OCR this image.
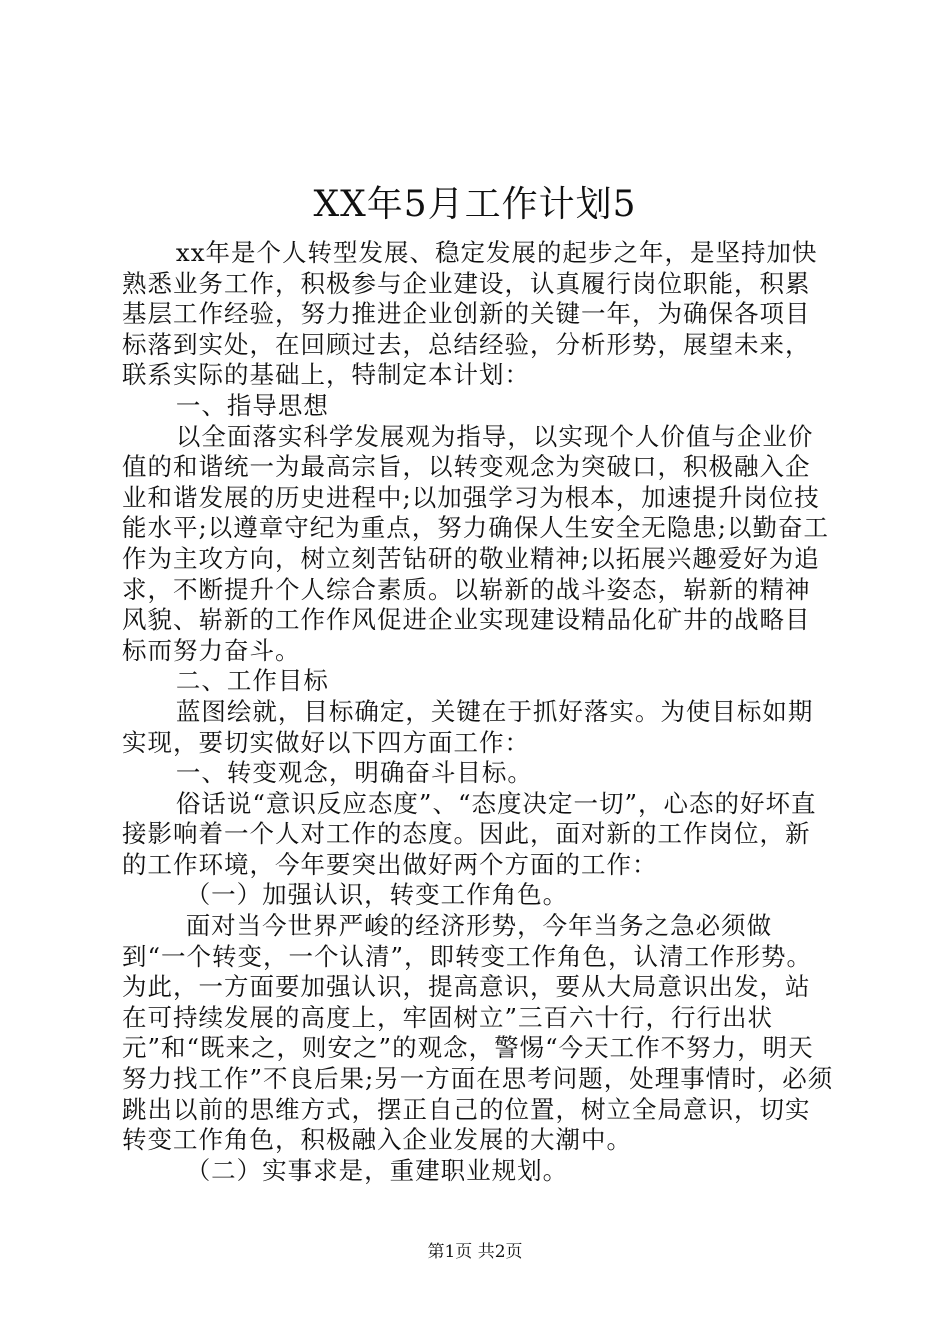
XX年5月工作计划5

xx年是个人转型发展、稳定发展的起步之年，是坚持加快熟悉业务工作，积极参与企业建设，认真履行岗位职能，积累基层工作经验，努力推进企业创新的关键一年，为确保各项目标落到实处，在回顾过去，总结经验，分析形势，展望未来，联系实际的基础上，特制定本计划：

一、指导思想

以全面落实科学发展观为指导，以实现个人价值与企业价值的和谐统一为最高宗旨，以转变观念为突破口，积极融入企业和谐发展的历史进程中;以加强学习为根本，加速提升岗位技能水平;以遵章守纪为重点，努力确保人生安全无隐患;以勤奋工作为主攻方向，树立刻苦钻研的敬业精神;以拓展兴趣爱好为追求，不断提升个人综合素质。以崭新的战斗姿态，崭新的精神风貌、崭新的工作作风促进企业实现建设精品化矿井的战略目标而努力奋斗。

二、工作目标

蓝图绘就，目标确定，关键在于抓好落实。为使目标如期实现，要切实做好以下四方面工作：

一、转变观念，明确奋斗目标。

俗话说“意识反应态度”、“态度决定一切”，心态的好坏直接影响着一个人对工作的态度。因此，面对新的工作岗位，新的工作环境，今年要突出做好两个方面的工作：

（一）加强认识，转变工作角色。

面对当今世界严峻的经济形势，今年当务之急必须做到“一个转变，一个认清”，即转变工作角色，认清工作形势。为此，一方面要加强认识，提高意识，要从大局意识出发，站在可持续发展的高度上，牢固树立”三百六十行，行行出状元”和“既来之，则安之”的观念，警惕“今天工作不努力，明天努力找工作”不良后果;另一方面在思考问题，处理事情时，必须跳出以前的思维方式，摆正自己的位置，树立全局意识，切实转变工作角色，积极融入企业发展的大潮中。

（二）实事求是，重建职业规划。

第1页 共2页
